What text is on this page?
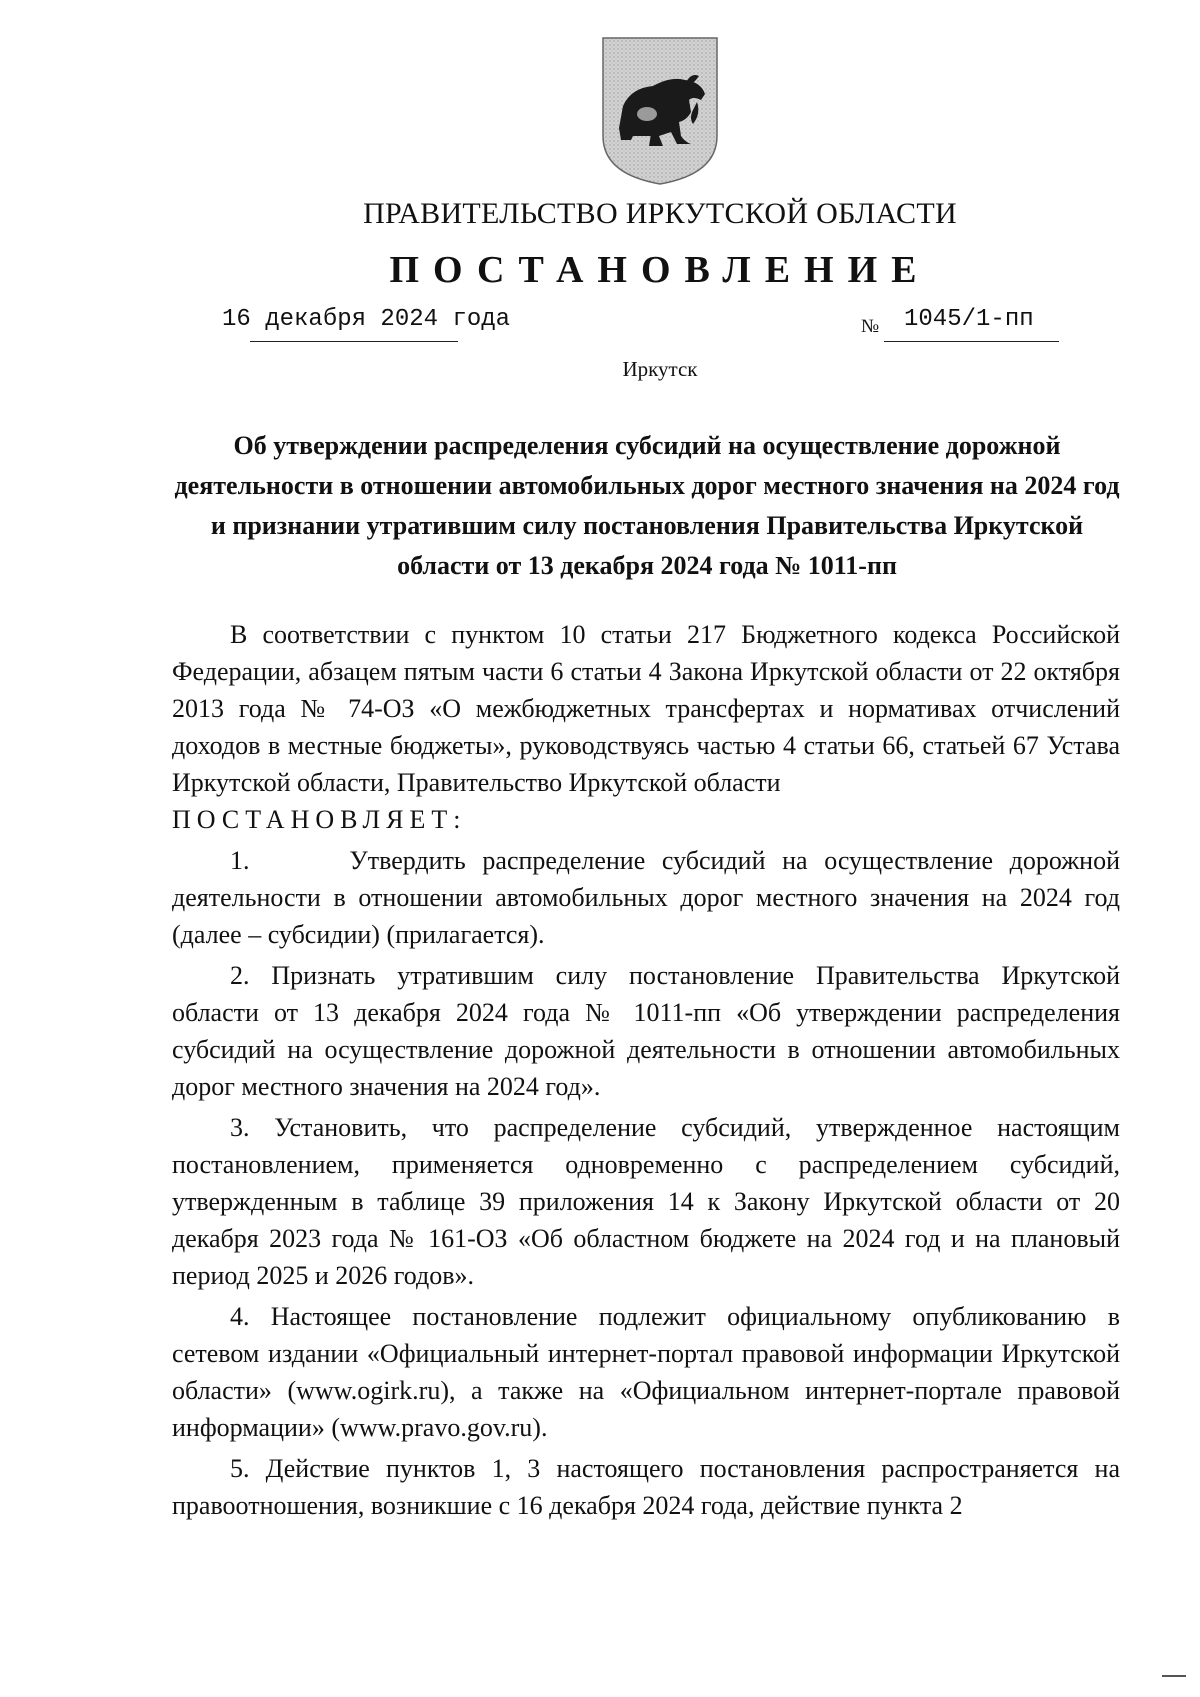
ПРАВИТЕЛЬСТВО ИРКУТСКОЙ ОБЛАСТИ
ПОСТАНОВЛЕНИЕ
16 декабря 2024 года	№ 1045/1-пп
Иркутск
Об утверждении распределения субсидий на осуществление дорожной деятельности в отношении автомобильных дорог местного значения на 2024 год и признании утратившим силу постановления Правительства Иркутской области от 13 декабря 2024 года № 1011-пп

В соответствии с пунктом 10 статьи 217 Бюджетного кодекса Российской Федерации, абзацем пятым части 6 статьи 4 Закона Иркутской области от 22 октября 2013 года № 74-ОЗ «О межбюджетных трансфертах и нормативах отчислений доходов в местные бюджеты», руководствуясь частью 4 статьи 66, статьей 67 Устава Иркутской области, Правительство Иркутской области

ПОСТАНОВЛЯЕТ:

1.      Утвердить распределение субсидий на осуществление дорожной деятельности в отношении автомобильных дорог местного значения на 2024 год (далее – субсидии) (прилагается).

2. Признать утратившим силу постановление Правительства Иркутской области от 13 декабря 2024 года № 1011-пп «Об утверждении распределения субсидий на осуществление дорожной деятельности в отношении автомобильных дорог местного значения на 2024 год».

3. Установить, что распределение субсидий, утвержденное настоящим постановлением, применяется одновременно с распределением субсидий, утвержденным в таблице 39 приложения 14 к Закону Иркутской области от 20 декабря 2023 года № 161-ОЗ «Об областном бюджете на 2024 год и на плановый период 2025 и 2026 годов».

4. Настоящее постановление подлежит официальному опубликованию в сетевом издании «Официальный интернет-портал правовой информации Иркутской области» (www.ogirk.ru), а также на «Официальном интернет-портале правовой информации» (www.pravo.gov.ru).

5. Действие пунктов 1, 3 настоящего постановления распространяется на правоотношения, возникшие с 16 декабря 2024 года, действие пункта 2
